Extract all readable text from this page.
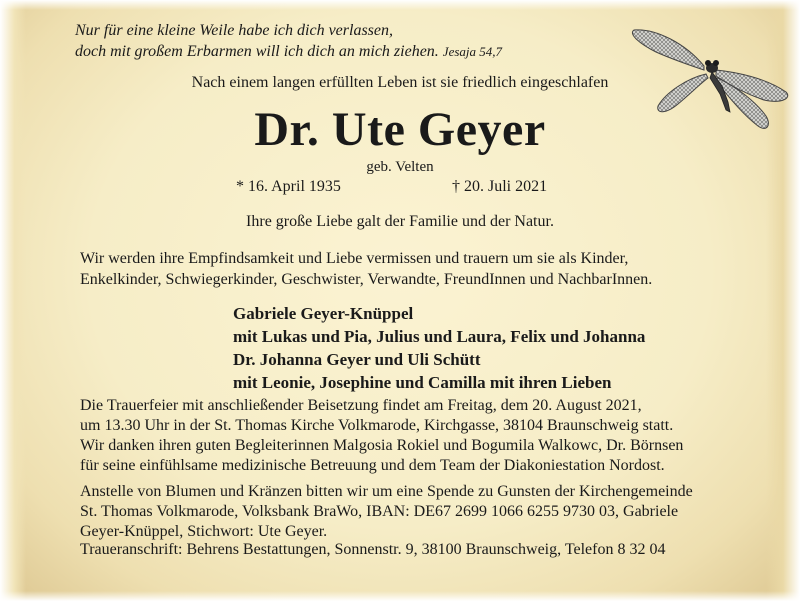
Nur für eine kleine Weile habe ich dich verlassen,
doch mit großem Erbarmen will ich dich an mich ziehen. Jesaja 54,7

Nach einem langen erfüllten Leben ist sie friedlich eingeschlafen

Dr. Ute Geyer

geb. Velten

* 16. April 1935	† 20. Juli 2021

Ihre große Liebe galt der Familie und der Natur.

Wir werden ihre Empfindsamkeit und Liebe vermissen und trauern um sie als Kinder,
Enkelkinder, Schwiegerkinder, Geschwister, Verwandte, FreundInnen und NachbarInnen.
Gabriele Geyer-Knüppel
mit Lukas und Pia, Julius und Laura, Felix und Johanna
Dr. Johanna Geyer und Uli Schütt
mit Leonie, Josephine und Camilla mit ihren Lieben
Die Trauerfeier mit anschließender Beisetzung findet am Freitag, dem 20. August 2021,
um 13.30 Uhr in der St. Thomas Kirche Volkmarode, Kirchgasse, 38104 Braunschweig statt.
Wir danken ihren guten Begleiterinnen Malgosia Rokiel und Bogumila Walkowc, Dr. Börnsen
für seine einfühlsame medizinische Betreuung und dem Team der Diakoniestation Nordost.
Anstelle von Blumen und Kränzen bitten wir um eine Spende zu Gunsten der Kirchengemeinde
St. Thomas Volkmarode, Volksbank BraWo, IBAN: DE67 2699 1066 6255 9730 03, Gabriele
Geyer-Knüppel, Stichwort: Ute Geyer.
Traueranschrift: Behrens Bestattungen, Sonnenstr. 9, 38100 Braunschweig, Telefon 8 32 04
